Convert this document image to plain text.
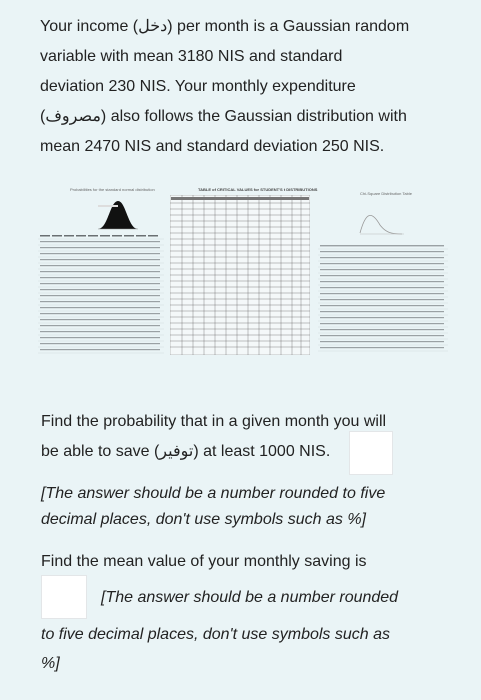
Your income (دخل) per month is a Gaussian random
variable with mean 3180 NIS and standard
deviation 230 NIS. Your monthly expenditure
(مصروف) also follows the Gaussian distribution with
mean 2470 NIS and standard deviation 250 NIS.
Probabilities for the standard normal distribution	TABLE of CRITICAL VALUES for STUDENT'S t DISTRIBUTIONS
Chi-Square Distribution Table
Find the probability that in a given month you will
be able to save (توفير) at least 1000 NIS.
[The answer should be a number rounded to five
decimal places, don't use symbols such as %]
Find the mean value of your monthly saving is
[The answer should be a number rounded
to five decimal places, don't use symbols such as
%]
